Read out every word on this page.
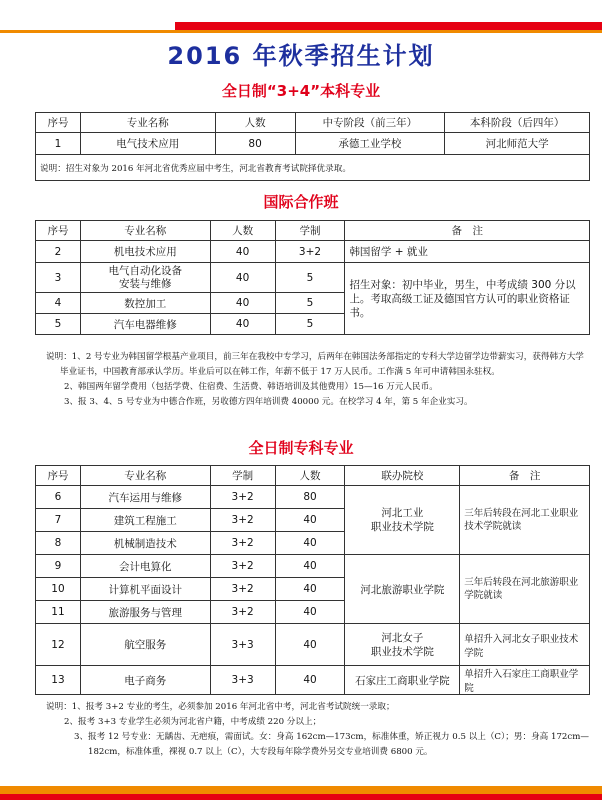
2016 年秋季招生计划
全日制“3+4”本科专业
序号	专业名称	人数	中专阶段（前三年）	本科阶段（后四年）
1	电气技术应用	80	承德工业学校	河北师范大学
说明：招生对象为 2016 年河北省优秀应届中考生，河北省教育考试院择优录取。				
国际合作班
序号	专业名称	人数	学制	备　注
2	机电技术应用	40	3+2	韩国留学 + 就业
3	电气自动化设备
安装与维修	40	5	招生对象：初中毕业，男生，中考成绩 300 分以上。考取高级工证及德国官方认可的职业资格证书。
4	数控加工	40	5	
5	汽车电器维修	40	5	

说明：1、2 号专业为韩国留学根基产业项目，前三年在我校中专学习，后两年在韩国法务部指定的专科大学边留学边带薪实习，获得韩方大学毕业证书，中国教育部承认学历。毕业后可以在韩工作，年薪不低于 17 万人民币。工作满 5 年可申请韩国永驻权。

2、韩国两年留学费用（包括学费、住宿费、生活费、韩语培训及其他费用）15—16 万元人民币。

3、报 3、4、5 号专业为中德合作班，另收德方四年培训费 40000 元。在校学习 4 年，第 5 年企业实习。

全日制专科专业
序号	专业名称	学制	人数	联办院校	备　注
6	汽车运用与维修	3+2	80	河北工业
职业技术学院	三年后转段在河北工业职业技术学院就读
7	建筑工程施工	3+2	40		
8	机械制造技术	3+2	40		
9	会计电算化	3+2	40	河北旅游职业学院	三年后转段在河北旅游职业学院就读
10	计算机平面设计	3+2	40		
11	旅游服务与管理	3+2	40		
12	航空服务	3+3	40	河北女子
职业技术学院	单招升入河北女子职业技术学院
13	电子商务	3+3	40	石家庄工商职业学院	单招升入石家庄工商职业学院

说明：1、报考 3+2 专业的考生，必须参加 2016 年河北省中考，河北省考试院统一录取；

2、报考 3+3 专业学生必须为河北省户籍，中考成绩 220 分以上；

3、报考 12 号专业：无龋齿、无疤痕，需面试。女：身高 162cm—173cm，标准体重，矫正视力 0.5 以上（C）；男：身高 172cm—182cm，标准体重，裸视 0.7 以上（C），大专段每年除学费外另交专业培训费 6800 元。
